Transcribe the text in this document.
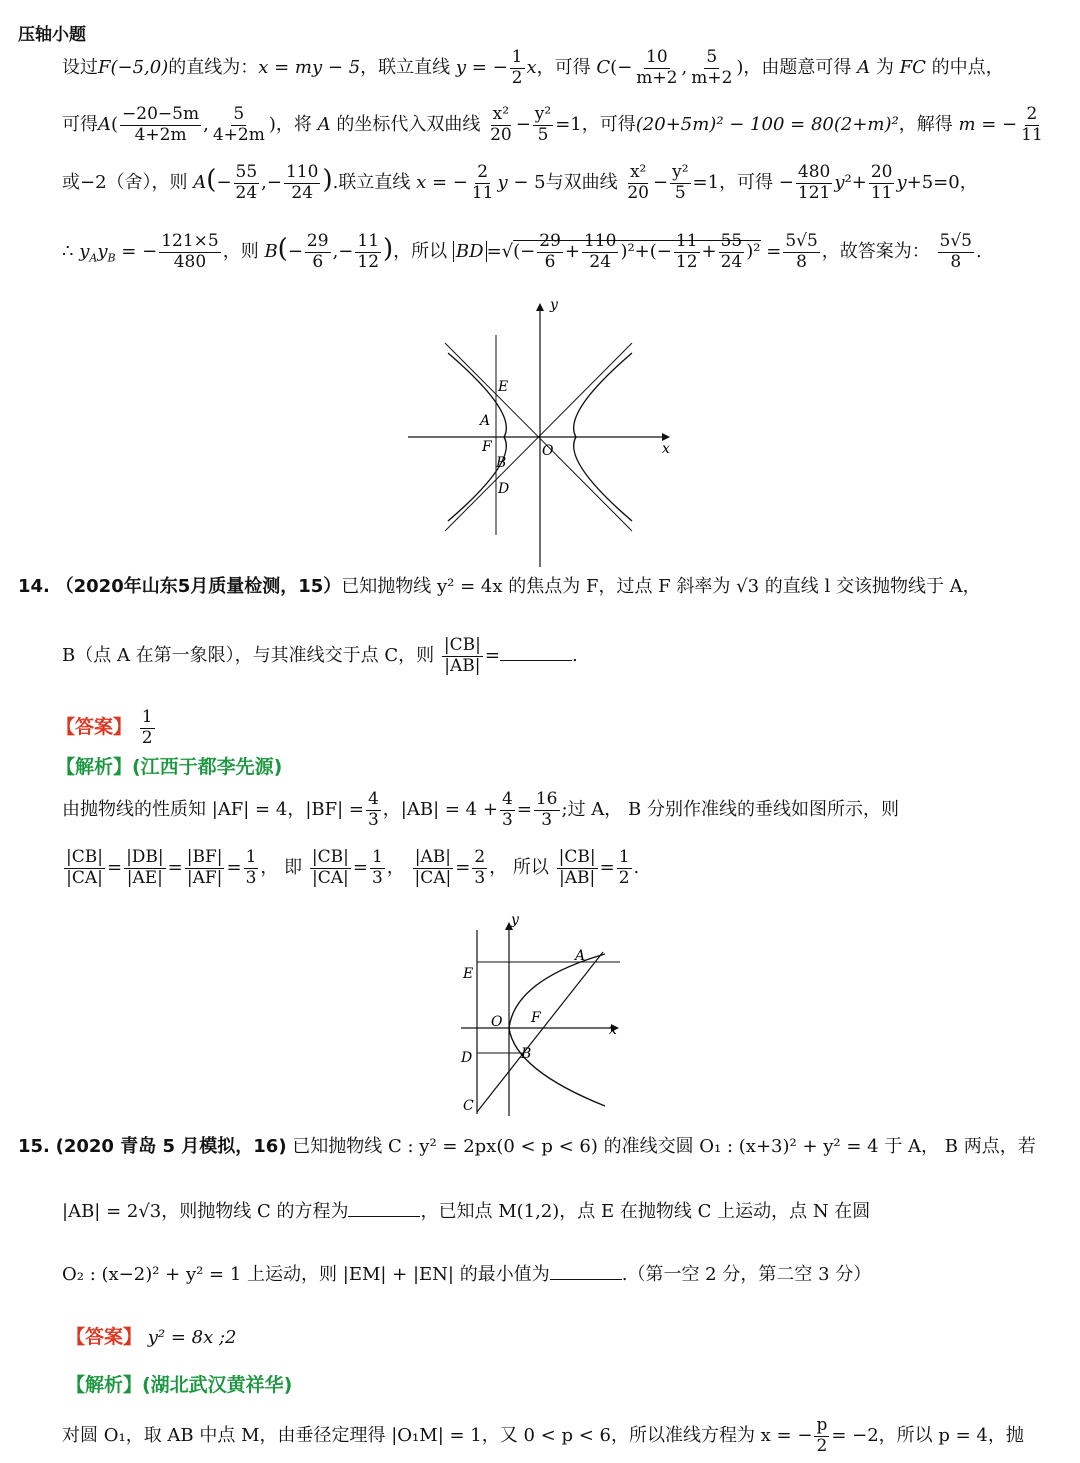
压轴小题
设过F(−5,0)的直线为：x = my − 5，联立直线 y = − $\frac{1}{2}$ x，可得 $C(- \frac{10}{m+2}$ , $\frac{5}{m+2}$ )，由题意可得 A 为 FC 的中点，
可得$A( \frac{-20-5m}{4+2m}$ , $\frac{5}{4+2m}$ )，将 A 的坐标代入双曲线 $\frac{\text{x²}}{20} - \frac{\text{y²}}{5} =1$，可得(20+5m)² − 100 = 80(2+m)²，解得 m = − $\frac{2}{11}$
或−2（舍），则 $A(- \frac{55}{24}$ ,− $\frac{110}{24}$ ).联立直线 x = − $\frac{2}{11}$ y − 5与双曲线 $\frac{\text{x²}}{20} - \frac{\text{y²}}{5} =1$，可得 − $\frac{480}{121} y^2+ \frac{20}{11} y+5=0$，
∴ $y_Ay_B$ = − $\frac{121\times 5}{480}$ ，则 $B(- \frac{29}{6}$ ,− $\frac{11}{12}$ )，所以 BD =√(− $\frac{29}{6} + \frac{110}{24} )^2+(- \frac{11}{12} + \frac{55}{24} )^2 = \frac{5√5}{8}$ ，故答案为： $\frac{5√5}{8}$ .
y
x
E
A
F
B
D
O
14. （2020年山东5月质量检测，15）已知抛物线 y² = 4x 的焦点为 F，过点 F 斜率为 √3 的直线 l 交该抛物线于 A，
B（点 A 在第一象限），与其准线交于点 C，则 $\frac{|CB|}{|AB|}$ =	.
【答案】 $\frac{1}{2}$
【解析】(江西于都李先源)
由抛物线的性质知 |AF| = 4，$|BF| = \frac{4}{3}$ ，$|AB| = 4 + \frac{4}{3} = \frac{16}{3}$ ;过 A， B 分别作准线的垂线如图所示，则
$\frac{|CB|}{|CA|} = \frac{|DB|}{|AE|} = \frac{|BF|}{|AF|} = \frac{1}{3}$ ， 即 $\frac{|CB|}{|CA|} = \frac{1}{3}$ ， $\frac{|AB|}{|CA|} = \frac{2}{3}$ ， 所以 $\frac{|CB|}{|AB|} = \frac{1}{2}$ .
y
x
A
E
O F
D	B
C
15. (2020 青岛 5 月模拟，16) 已知抛物线 C : y² = 2px(0 < p < 6) 的准线交圆 O₁ : (x+3)² + y² = 4 于 A， B 两点，若
|AB| = 2√3，则抛物线 C 的方程为	，已知点 M(1,2)，点 E 在抛物线 C 上运动，点 N 在圆
O₂ : (x−2)² + y² = 1 上运动，则 |EM| + |EN| 的最小值为	.（第一空 2 分，第二空 3 分）
【答案】 y² = 8x ;2
【解析】(湖北武汉黄祥华)
对圆 O₁，取 AB 中点 M，由垂径定理得 |O₁M| = 1，又 0 < p < 6，所以准线方程为 x = − $\frac{p}{2} = -2$，所以 p = 4，抛
